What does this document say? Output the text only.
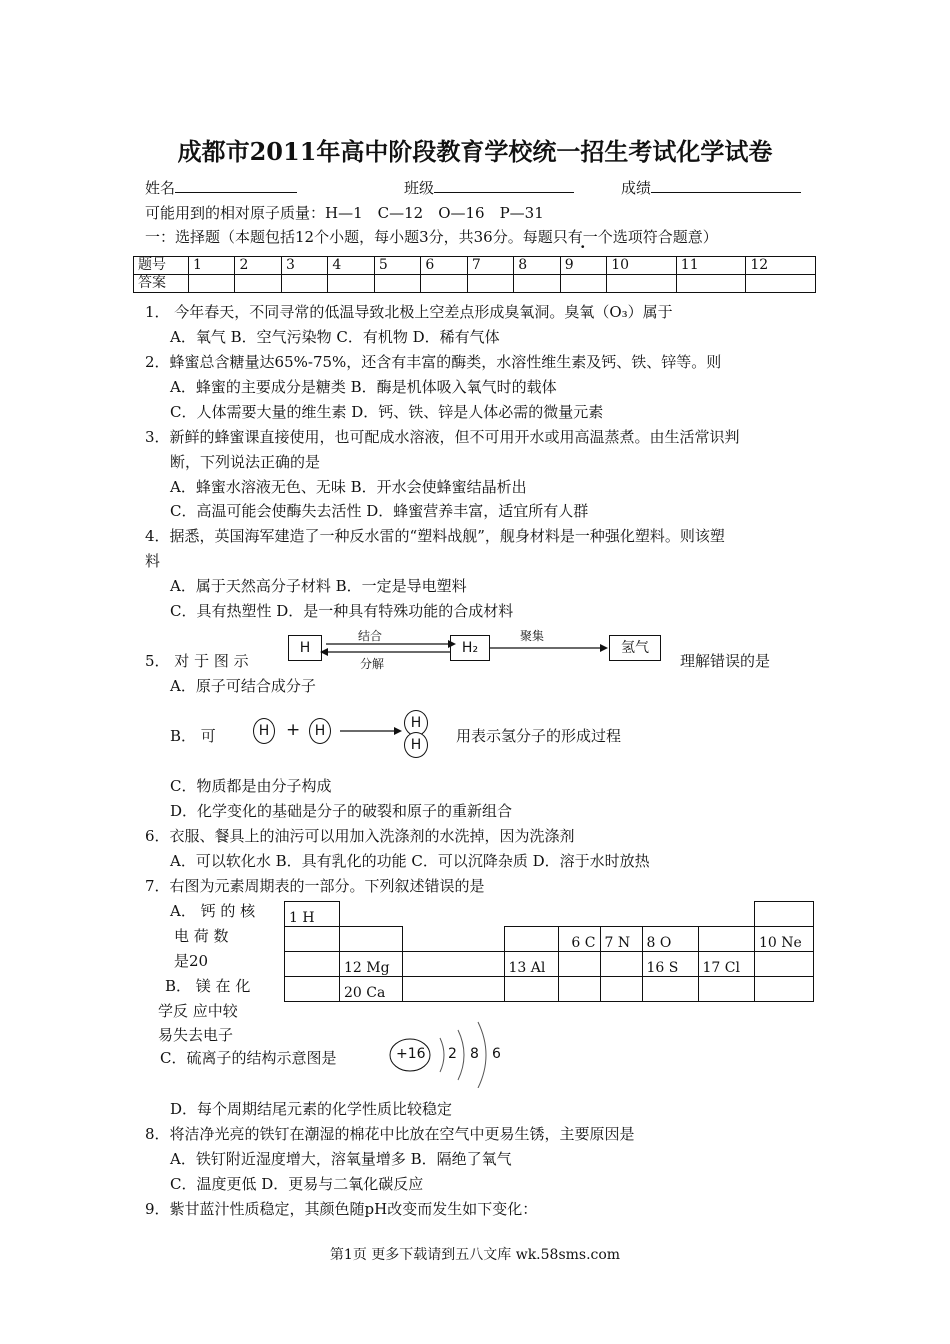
成都市2011年高中阶段教育学校统一招生考试化学试卷
姓名	班级	成绩
可能用到的相对原子质量：H—1　C—12　O—16　P—31
一：选择题（本题包括12个小题，每小题3分，共36分。每题只有一个选项符合题意）
题号	1	2	3	4	5	6	7	8	9	10	11	12
答案												
1． 今年春天，不同寻常的低温导致北极上空差点形成臭氧洞。臭氧（O₃）属于
A．氧气 B．空气污染物 C．有机物 D．稀有气体
2．蜂蜜总含糖量达65%-75%，还含有丰富的酶类，水溶性维生素及钙、铁、锌等。则
A．蜂蜜的主要成分是糖类 B．酶是机体吸入氧气时的载体
C．人体需要大量的维生素 D．钙、铁、锌是人体必需的微量元素
3．新鲜的蜂蜜课直接使用，也可配成水溶液，但不可用开水或用高温蒸煮。由生活常识判
断，下列说法正确的是
A．蜂蜜水溶液无色、无味 B．开水会使蜂蜜结晶析出
C．高温可能会使酶失去活性 D．蜂蜜营养丰富，适宜所有人群
4．据悉，英国海军建造了一种反水雷的“塑料战舰”，舰身材料是一种强化塑料。则该塑
料
A．属于天然高分子材料 B．一定是导电塑料
C．具有热塑性 D．是一种具有特殊功能的合成材料
5． 对 于 图 示
H	H₂	氢气
结合
分解
聚集
理解错误的是
A．原子可结合成分子
B． 可	H +	H	H
H	用表示氢分子的形成过程
C．物质都是由分子构成
D．化学变化的基础是分子的破裂和原子的重新组合
6．衣服、餐具上的油污可以用加入洗涤剂的水洗掉，因为洗涤剂
A．可以软化水 B．具有乳化的功能 C．可以沉降杂质 D．溶于水时放热
7．右图为元素周期表的一部分。下列叙述错误的是
A． 钙 的 核
电 荷 数
是20
B． 镁 在 化
学反 应中较
易失去电子
C．硫离子的结构示意图是
1 H								
				6 C	7 N	8 O		10 Ne
	12 Mg		13 Al			16 S	17 Cl	
	20 Ca							
+16 2 8 6
D．每个周期结尾元素的化学性质比较稳定
8．将洁净光亮的铁钉在潮湿的棉花中比放在空气中更易生锈，主要原因是
A．铁钉附近湿度增大，溶氧量增多 B．隔绝了氧气
C．温度更低 D．更易与二氧化碳反应
9．紫甘蓝汁性质稳定，其颜色随pH改变而发生如下变化：
第1页 更多下载请到五八文库 wk.58sms.com
